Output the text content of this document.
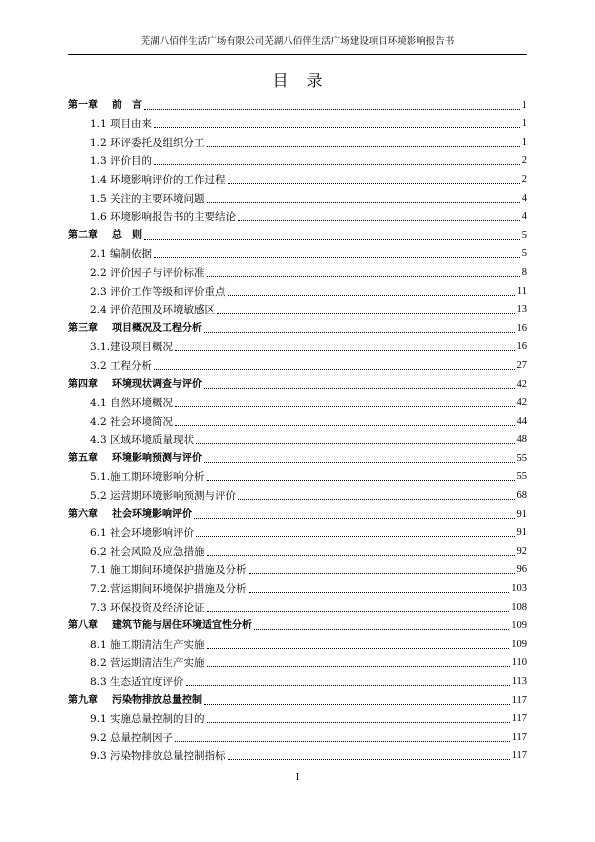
芜湖八佰伴生活广场有限公司芜湖八佰伴生活广场建设项目环境影响报告书
目录
第一章 前　言	1
1.1 项目由来	1
1.2 环评委托及组织分工	1
1.3 评价目的	2
1.4 环境影响评价的工作过程	2
1.5 关注的主要环境问题	4
1.6 环境影响报告书的主要结论	4
第二章 总　则	5
2.1 编制依据	5
2.2 评价因子与评价标准	8
2.3 评价工作等级和评价重点	11
2.4 评价范围及环境敏感区	13
第三章 项目概况及工程分析	16
3.1.建设项目概况	16
3.2 工程分析	27
第四章 环境现状调查与评价	42
4.1 自然环境概况	42
4.2 社会环境简况	44
4.3 区域环境质量现状	48
第五章 环境影响预测与评价	55
5.1.施工期环境影响分析	55
5.2 运营期环境影响预测与评价	68
第六章 社会环境影响评价	91
6.1 社会环境影响评价	91
6.2 社会风险及应急措施	92
7.1 施工期间环境保护措施及分析	96
7.2.营运期间环境保护措施及分析	103
7.3 环保投资及经济论证	108
第八章 建筑节能与居住环境适宜性分析	109
8.1 施工期清洁生产实施	109
8.2 营运期清洁生产实施	110
8.3 生态适宜度评价	113
第九章 污染物排放总量控制	117
9.1 实施总量控制的目的	117
9.2 总量控制因子	117
9.3 污染物排放总量控制指标	117
I
